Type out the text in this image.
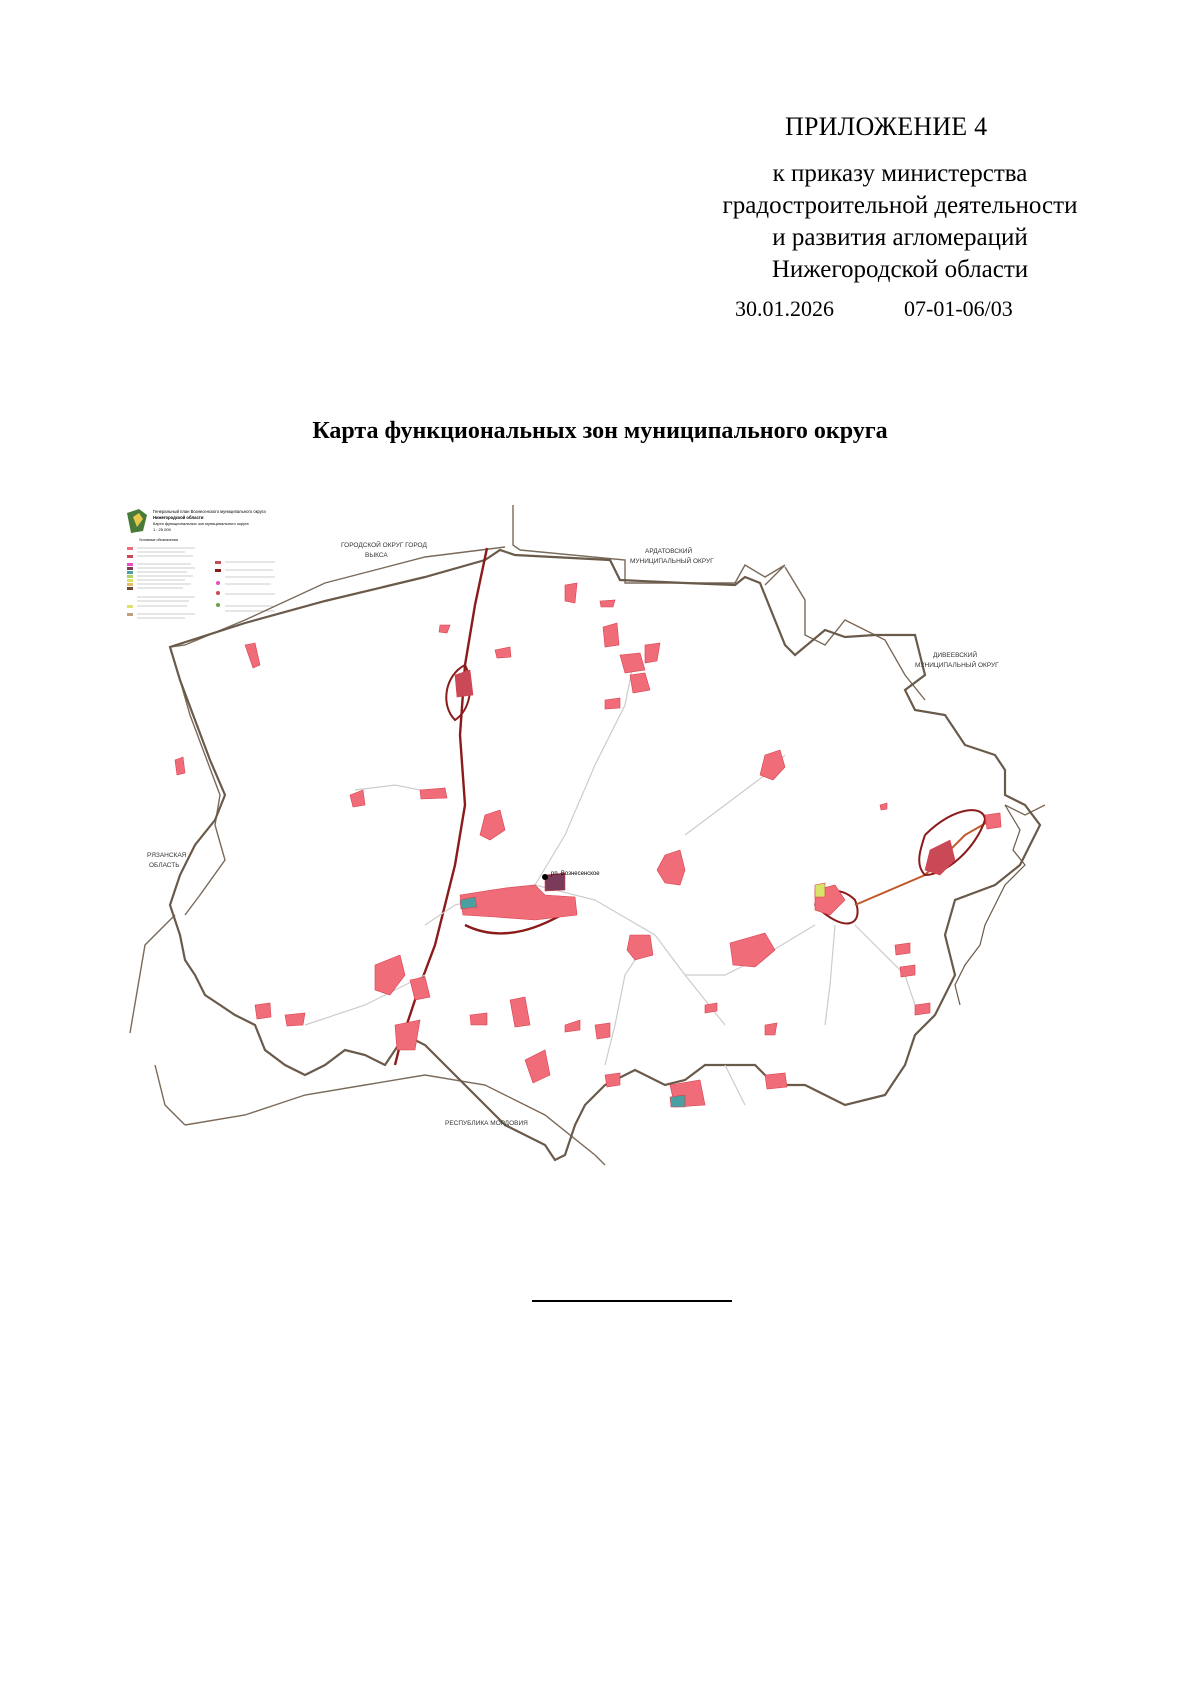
ПРИЛОЖЕНИЕ 4
к приказу министерства
градостроительной деятельности
и развития агломераций
Нижегородской области
30.01.2026	07-01-06/03
Карта функциональных зон муниципального округа
Генеральный план Вознесенского муниципального округа
Нижегородской области
Карта функциональных зон муниципального округа
1 : 25 000
Условные обозначения
рп. Вознесенское
ГОРОДСКОЙ ОКРУГ ГОРОД
ВЫКСА
АРДАТОВСКИЙ
МУНИЦИПАЛЬНЫЙ ОКРУГ
ДИВЕЕВСКИЙ
МУНИЦИПАЛЬНЫЙ ОКРУГ
РЯЗАНСКАЯ
ОБЛАСТЬ
РЕСПУБЛИКА МОРДОВИЯ
